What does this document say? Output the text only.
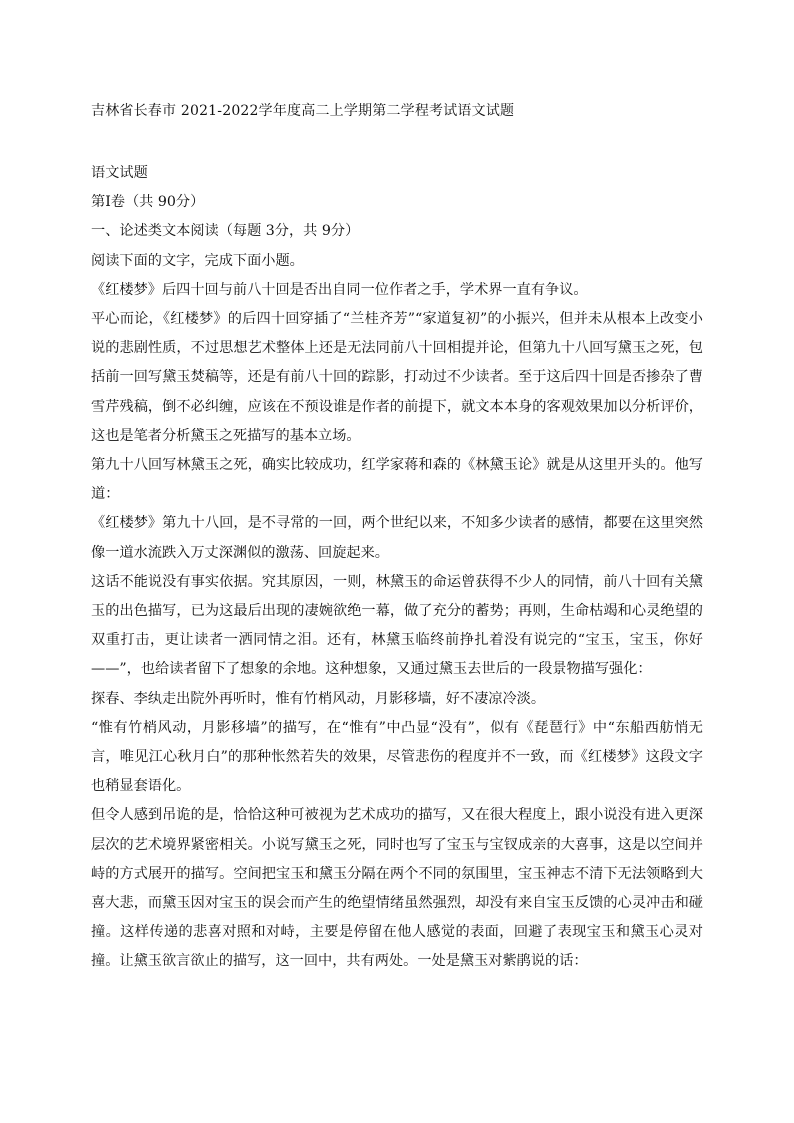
吉林省长春市 2021-2022学年度高二上学期第二学程考试语文试题

语文试题

第Ⅰ卷（共 90分）

一、论述类文本阅读（每题 3分，共 9分）

阅读下面的文字，完成下面小题。

《红楼梦》后四十回与前八十回是否出自同一位作者之手，学术界一直有争议。

平心而论，《红楼梦》的后四十回穿插了“兰桂齐芳”“家道复初”的小振兴，但并未从根本上改变小说的悲剧性质，不过思想艺术整体上还是无法同前八十回相提并论，但第九十八回写黛玉之死，包括前一回写黛玉焚稿等，还是有前八十回的踪影，打动过不少读者。至于这后四十回是否掺杂了曹雪芹残稿，倒不必纠缠，应该在不预设谁是作者的前提下，就文本本身的客观效果加以分析评价，这也是笔者分析黛玉之死描写的基本立场。

第九十八回写林黛玉之死，确实比较成功，红学家蒋和森的《林黛玉论》就是从这里开头的。他写道：

《红楼梦》第九十八回，是不寻常的一回，两个世纪以来，不知多少读者的感情，都要在这里突然像一道水流跌入万丈深渊似的激荡、回旋起来。

这话不能说没有事实依据。究其原因，一则，林黛玉的命运曾获得不少人的同情，前八十回有关黛玉的出色描写，已为这最后出现的凄婉欲绝一幕，做了充分的蓄势；再则，生命枯竭和心灵绝望的双重打击，更让读者一洒同情之泪。还有，林黛玉临终前挣扎着没有说完的“宝玉，宝玉，你好——”，也给读者留下了想象的余地。这种想象，又通过黛玉去世后的一段景物描写强化：

探春、李纨走出院外再听时，惟有竹梢风动，月影移墙，好不凄凉冷淡。

“惟有竹梢风动，月影移墙”的描写，在“惟有”中凸显“没有”，似有《琵琶行》中“东船西舫悄无言，唯见江心秋月白”的那种怅然若失的效果，尽管悲伤的程度并不一致，而《红楼梦》这段文字也稍显套语化。

但令人感到吊诡的是，恰恰这种可被视为艺术成功的描写，又在很大程度上，跟小说没有进入更深层次的艺术境界紧密相关。小说写黛玉之死，同时也写了宝玉与宝钗成亲的大喜事，这是以空间并峙的方式展开的描写。空间把宝玉和黛玉分隔在两个不同的氛围里，宝玉神志不清下无法领略到大喜大悲，而黛玉因对宝玉的误会而产生的绝望情绪虽然强烈，却没有来自宝玉反馈的心灵冲击和碰撞。这样传递的悲喜对照和对峙，主要是停留在他人感觉的表面，回避了表现宝玉和黛玉心灵对撞。让黛玉欲言欲止的描写，这一回中，共有两处。一处是黛玉对紫鹃说的话：
